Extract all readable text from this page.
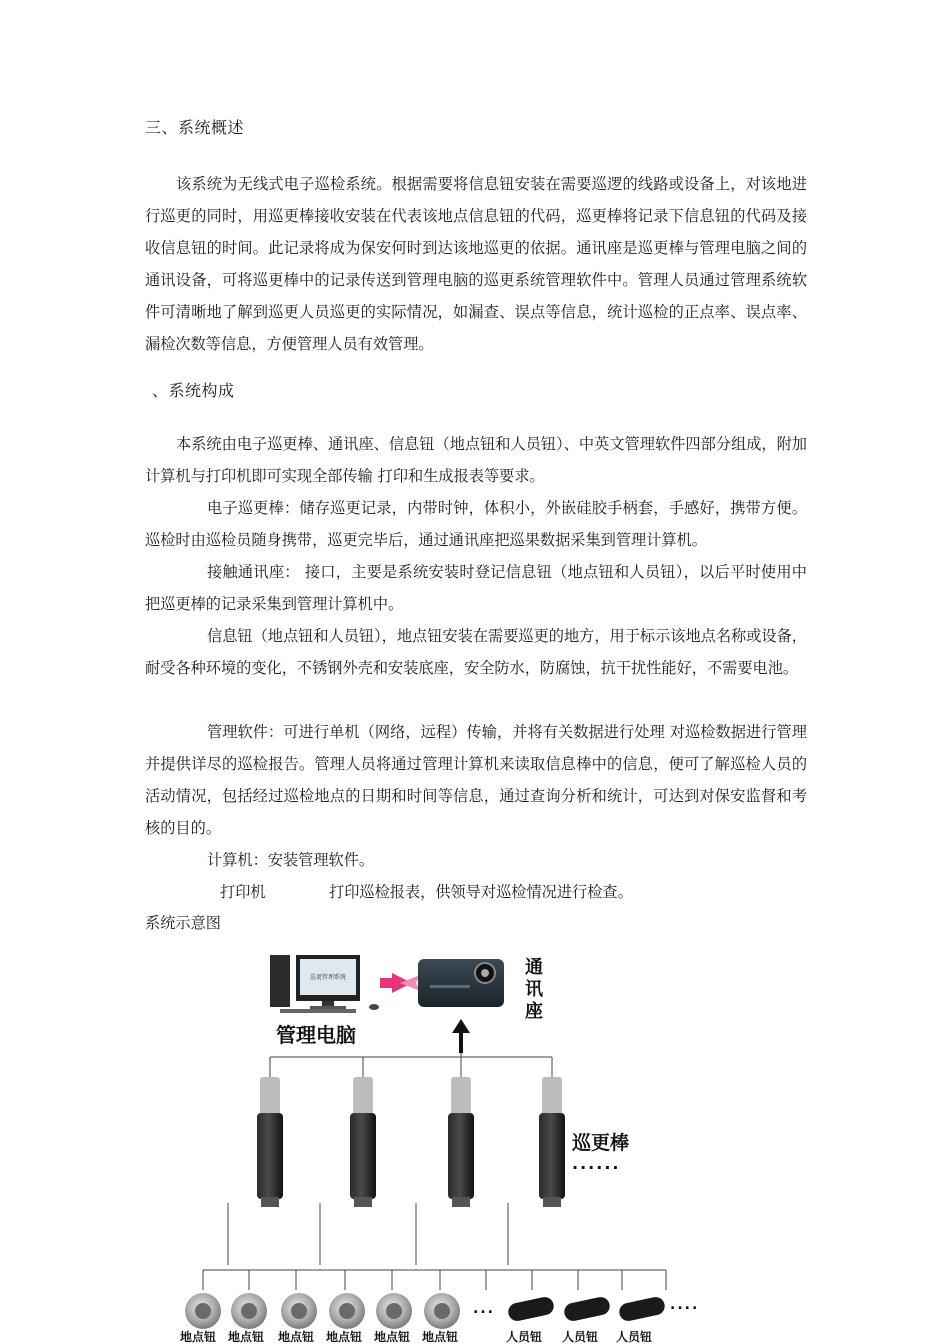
三、系统概述

该系统为无线式电子巡检系统。根据需要将信息钮安装在需要巡逻的线路或设备上，对该地进行巡更的同时，用巡更棒接收安装在代表该地点信息钮的代码，巡更棒将记录下信息钮的代码及接收信息钮的时间。此记录将成为保安何时到达该地巡更的依据。通讯座是巡更棒与管理电脑之间的通讯设备，可将巡更棒中的记录传送到管理电脑的巡更系统管理软件中。管理人员通过管理系统软件可清晰地了解到巡更人员巡更的实际情况，如漏查、误点等信息，统计巡检的正点率、误点率、漏检次数等信息，方便管理人员有效管理。

、系统构成

本系统由电子巡更棒、通讯座、信息钮（地点钮和人员钮）、中英文管理软件四部分组成，附加计算机与打印机即可实现全部传输 打印和生成报表等要求。

电子巡更棒：储存巡更记录，内带时钟，体积小，外嵌硅胶手柄套，手感好，携带方便。巡检时由巡检员随身携带，巡更完毕后，通过通讯座把巡果数据采集到管理计算机。

接触通讯座： 接口，主要是系统安装时登记信息钮（地点钮和人员钮），以后平时使用中把巡更棒的记录采集到管理计算机中。

信息钮（地点钮和人员钮），地点钮安装在需要巡更的地方，用于标示该地点名称或设备，耐受各种环境的变化，不锈钢外壳和安装底座，安全防水，防腐蚀，抗干扰性能好，不需要电池。

管理软件：可进行单机（网络，远程）传输，并将有关数据进行处理 对巡检数据进行管理并提供详尽的巡检报告。管理人员将通过管理计算机来读取信息棒中的信息，便可了解巡检人员的活动情况，包括经过巡检地点的日期和时间等信息，通过查询分析和统计，可达到对保安监督和考核的目的。

计算机：安装管理软件。

打印机	打印巡检报表，供领导对巡检情况进行检查。
系统示意图
巡更管理系统	通
讯
座
管理电脑
巡更棒
......
...	....
地点钮 地点钮 地点钮 地点钮 地点钮 地点钮	人员钮 人员钮 人员钮
